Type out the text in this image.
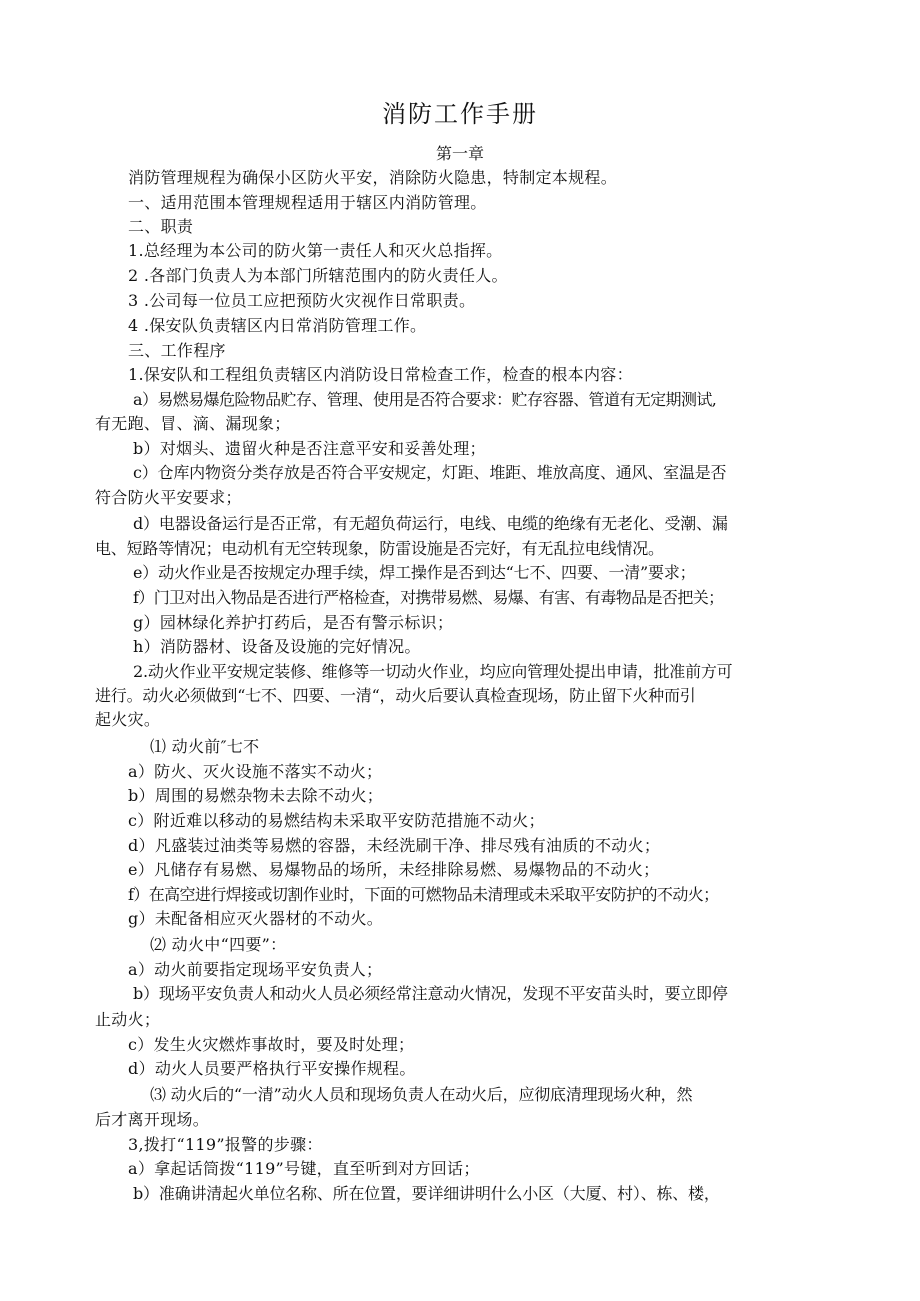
消防工作手册
第一章
消防管理规程为确保小区防火平安，消除防火隐患，特制定本规程。
一、适用范围本管理规程适用于辖区内消防管理。
二、职责
1.总经理为本公司的防火第一责任人和灭火总指挥。
2 .各部门负责人为本部门所辖范围内的防火责任人。
3 .公司每一位员工应把预防火灾视作日常职责。
4 .保安队负责辖区内日常消防管理工作。
三、工作程序
1.保安队和工程组负责辖区内消防设日常检查工作，检查的根本内容：
a）易燃易爆危险物品贮存、管理、使用是否符合要求：贮存容器、管道有无定期测试,
有无跑、冒、滴、漏现象；
b）对烟头、遗留火种是否注意平安和妥善处理；
c）仓库内物资分类存放是否符合平安规定，灯距、堆距、堆放高度、通风、室温是否
符合防火平安要求；
d）电器设备运行是否正常，有无超负荷运行，电线、电缆的绝缘有无老化、受潮、漏
电、短路等情况；电动机有无空转现象，防雷设施是否完好，有无乱拉电线情况。
e）动火作业是否按规定办理手续，焊工操作是否到达“七不、四要、一清”要求；
f）门卫对出入物品是否进行严格检查，对携带易燃、易爆、有害、有毒物品是否把关；
g）园林绿化养护打药后，是否有警示标识；
h）消防器材、设备及设施的完好情况。
2.动火作业平安规定装修、维修等一切动火作业，均应向管理处提出申请，批准前方可
进行。动火必须做到“七不、四要、一清“，动火后要认真检查现场，防止留下火种而引
起火灾。
⑴ 动火前″七不
a）防火、灭火设施不落实不动火；
b）周围的易燃杂物未去除不动火；
c）附近难以移动的易燃结构未采取平安防范措施不动火；
d）凡盛装过油类等易燃的容器，未经洗刷干净、排尽残有油质的不动火；
e）凡储存有易燃、易爆物品的场所，未经排除易燃、易爆物品的不动火；
f）在高空进行焊接或切割作业时，下面的可燃物品未清理或未采取平安防护的不动火；
g）未配备相应灭火器材的不动火。
⑵ 动火中“四要”：
a）动火前要指定现场平安负责人；
b）现场平安负责人和动火人员必须经常注意动火情况，发现不平安苗头时，要立即停
止动火；
c）发生火灾燃炸事故时，要及时处理；
d）动火人员要严格执行平安操作规程。
⑶ 动火后的“一清”动火人员和现场负责人在动火后，应彻底清理现场火种，然
后才离开现场。
3,拨打“119”报警的步骤：
a）拿起话筒拨“119”号键，直至听到对方回话；
b）准确讲清起火单位名称、所在位置，要详细讲明什么小区（大厦、村）、栋、楼，
